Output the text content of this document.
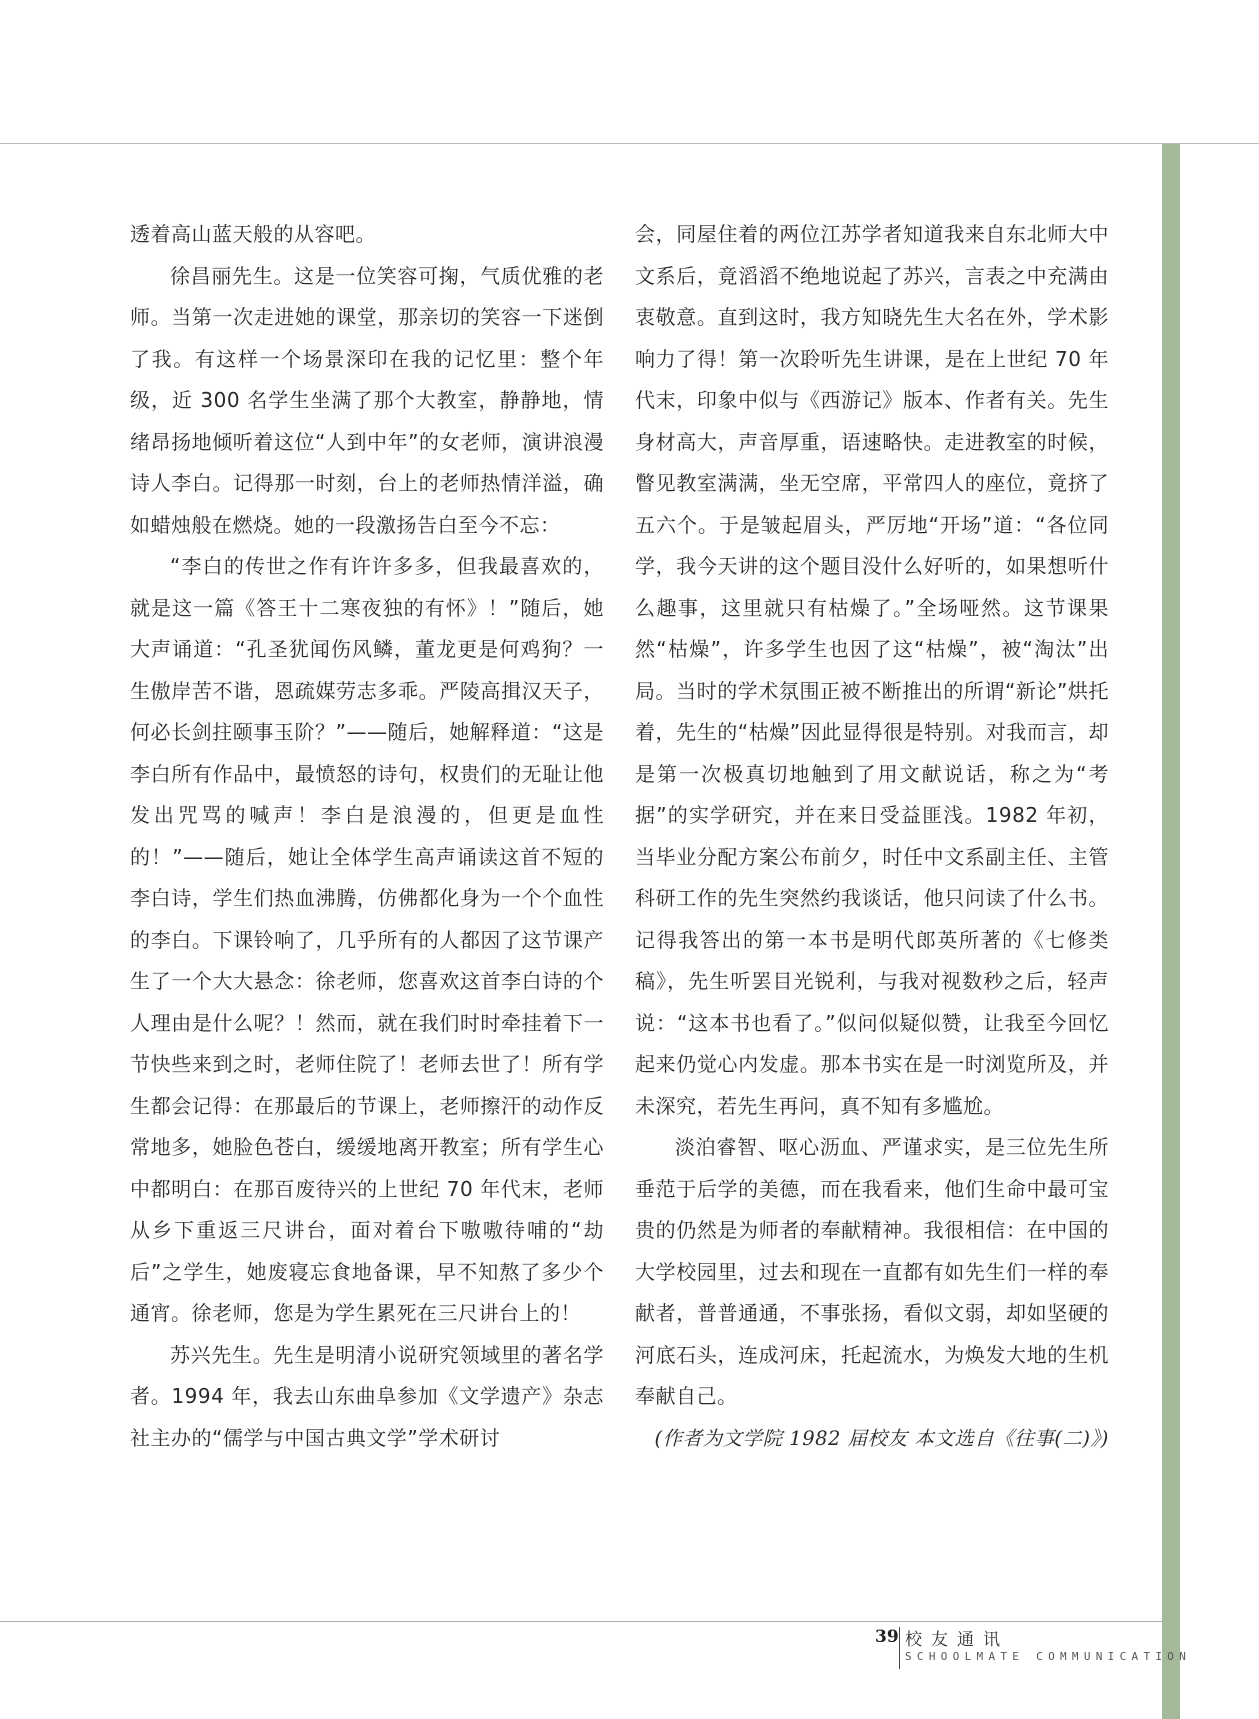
透着高山蓝天般的从容吧。

徐昌丽先生。这是一位笑容可掬，气质优雅的老师。当第一次走进她的课堂，那亲切的笑容一下迷倒了我。有这样一个场景深印在我的记忆里：整个年级，近 300 名学生坐满了那个大教室，静静地，情绪昂扬地倾听着这位“人到中年”的女老师，演讲浪漫诗人李白。记得那一时刻，台上的老师热情洋溢，确如蜡烛般在燃烧。她的一段激扬告白至今不忘：

“李白的传世之作有许许多多，但我最喜欢的，就是这一篇《答王十二寒夜独的有怀》！”随后，她大声诵道：“孔圣犹闻伤风鳞，董龙更是何鸡狗？一生傲岸苦不谐，恩疏媒劳志多乖。严陵高揖汉天子，何必长剑拄颐事玉阶？”——随后，她解释道：“这是李白所有作品中，最愤怒的诗句，权贵们的无耻让他发出咒骂的喊声！李白是浪漫的，但更是血性的！”——随后，她让全体学生高声诵读这首不短的李白诗，学生们热血沸腾，仿佛都化身为一个个血性的李白。下课铃响了，几乎所有的人都因了这节课产生了一个大大悬念：徐老师，您喜欢这首李白诗的个人理由是什么呢？！然而，就在我们时时牵挂着下一节快些来到之时，老师住院了！老师去世了！所有学生都会记得：在那最后的节课上，老师擦汗的动作反常地多，她脸色苍白，缓缓地离开教室；所有学生心中都明白：在那百废待兴的上世纪 70 年代末，老师从乡下重返三尺讲台，面对着台下嗷嗷待哺的“劫后”之学生，她废寝忘食地备课，早不知熬了多少个通宵。徐老师，您是为学生累死在三尺讲台上的！

苏兴先生。先生是明清小说研究领域里的著名学者。1994 年，我去山东曲阜参加《文学遗产》杂志社主办的“儒学与中国古典文学”学术研讨

会，同屋住着的两位江苏学者知道我来自东北师大中文系后，竟滔滔不绝地说起了苏兴，言表之中充满由衷敬意。直到这时，我方知晓先生大名在外，学术影响力了得！第一次聆听先生讲课，是在上世纪 70 年代末，印象中似与《西游记》版本、作者有关。先生身材高大，声音厚重，语速略快。走进教室的时候，瞥见教室满满，坐无空席，平常四人的座位，竟挤了五六个。于是皱起眉头，严厉地“开场”道：“各位同学，我今天讲的这个题目没什么好听的，如果想听什么趣事，这里就只有枯燥了。”全场哑然。这节课果然“枯燥”，许多学生也因了这“枯燥”，被“淘汰”出局。当时的学术氛围正被不断推出的所谓“新论”烘托着，先生的“枯燥”因此显得很是特别。对我而言，却是第一次极真切地触到了用文献说话，称之为“考据”的实学研究，并在来日受益匪浅。1982 年初，当毕业分配方案公布前夕，时任中文系副主任、主管科研工作的先生突然约我谈话，他只问读了什么书。记得我答出的第一本书是明代郎英所著的《七修类稿》，先生听罢目光锐利，与我对视数秒之后，轻声说：“这本书也看了。”似问似疑似赞，让我至今回忆起来仍觉心内发虚。那本书实在是一时浏览所及，并未深究，若先生再问，真不知有多尴尬。

淡泊睿智、呕心沥血、严谨求实，是三位先生所垂范于后学的美德，而在我看来，他们生命中最可宝贵的仍然是为师者的奉献精神。我很相信：在中国的大学校园里，过去和现在一直都有如先生们一样的奉献者，普普通通，不事张扬，看似文弱，却如坚硬的河底石头，连成河床，托起流水，为焕发大地的生机奉献自己。

(作者为文学院 1982 届校友 本文选自《往事(二)》)

39 校友通讯
SCHOOLMATE COMMUNICATION
